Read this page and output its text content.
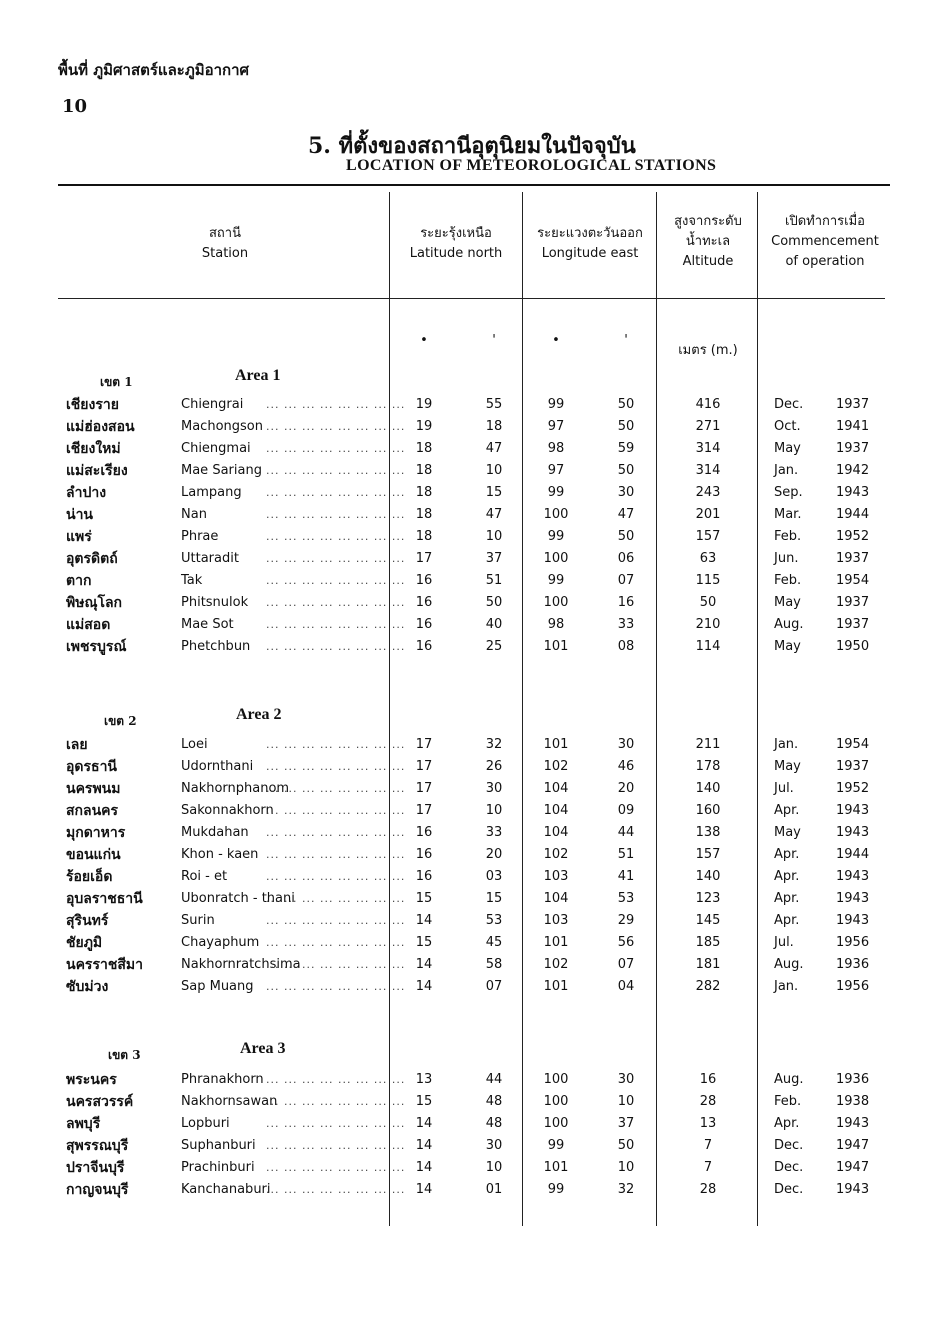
พื้นที่ ภูมิศาสตร์และภูมิอากาศ
10
5. ที่ตั้งของสถานีอุตุนิยมในปัจจุบัน
LOCATION OF METEOROLOGICAL STATIONS
สถานี
Station
ระยะรุ้งเหนือ
Latitude north
ระยะแวงตะวันออก
Longitude east
สูงจากระดับ
น้ำทะเล
Altitude
เปิดทำการเมื่อ
Commencement
of operation
•	'	•	'
เมตร (m.)
เขต 1	Area 1
เชียงราย	Chiengrai	19	55	99	50	416	Dec.	1937
... ... ... ... ... ... ... ...
แม่ฮ่องสอน	Machongson	19	18	97	50	271	Oct.	1941
... ... ... ... ... ... ... ...
เชียงใหม่	Chiengmai	18	47	98	59	314	May	1937
... ... ... ... ... ... ... ...
แม่สะเรียง	Mae Sariang	18	10	97	50	314	Jan.	1942
... ... ... ... ... ... ... ...
ลำปาง	Lampang	18	15	99	30	243	Sep.	1943
... ... ... ... ... ... ... ...
น่าน	Nan	18	47	100	47	201	Mar.	1944
... ... ... ... ... ... ... ...
แพร่	Phrae	18	10	99	50	157	Feb.	1952
... ... ... ... ... ... ... ...
อุตรดิตถ์	Uttaradit	17	37	100	06	63	Jun.	1937
... ... ... ... ... ... ... ...
ตาก	Tak	16	51	99	07	115	Feb.	1954
... ... ... ... ... ... ... ...
พิษณุโลก	Phitsnulok	16	50	100	16	50	May	1937
... ... ... ... ... ... ... ...
แม่สอด	Mae Sot	16	40	98	33	210	Aug.	1937
... ... ... ... ... ... ... ...
เพชรบูรณ์	Phetchbun	16	25	101	08	114	May	1950
... ... ... ... ... ... ... ...
เขต 2	Area 2
เลย	Loei	17	32	101	30	211	Jan.	1954
... ... ... ... ... ... ... ...
อุดรธานี	Udornthani	17	26	102	46	178	May	1937
... ... ... ... ... ... ... ...
นครพนม	Nakhornphanom	17	30	104	20	140	Jul.	1952
... ... ... ... ... ... ... ...
สกลนคร	Sakonnakhorn	17	10	104	09	160	Apr.	1943
... ... ... ... ... ... ... ...
มุกดาหาร	Mukdahan	16	33	104	44	138	May	1943
... ... ... ... ... ... ... ...
ขอนแก่น	Khon - kaen	16	20	102	51	157	Apr.	1944
... ... ... ... ... ... ... ...
ร้อยเอ็ด	Roi - et	16	03	103	41	140	Apr.	1943
... ... ... ... ... ... ... ...
อุบลราชธานี	Ubonratch - thani	15	15	104	53	123	Apr.	1943
... ... ... ... ... ... ... ...
สุรินทร์	Surin	14	53	103	29	145	Apr.	1943
... ... ... ... ... ... ... ...
ชัยภูมิ	Chayaphum	15	45	101	56	185	Jul.	1956
... ... ... ... ... ... ... ...
นครราชสีมา	Nakhornratchsima	14	58	102	07	181	Aug.	1936
... ... ... ... ... ... ... ...
ซับม่วง	Sap Muang	14	07	101	04	282	Jan.	1956
... ... ... ... ... ... ... ...
เขต 3	Area 3
พระนคร	Phranakhorn	13	44	100	30	16	Aug.	1936
... ... ... ... ... ... ... ...
นครสวรรค์	Nakhornsawan	15	48	100	10	28	Feb.	1938
... ... ... ... ... ... ... ...
ลพบุรี	Lopburi	14	48	100	37	13	Apr.	1943
... ... ... ... ... ... ... ...
สุพรรณบุรี	Suphanburi	14	30	99	50	7	Dec.	1947
... ... ... ... ... ... ... ...
ปราจีนบุรี	Prachinburi	14	10	101	10	7	Dec.	1947
... ... ... ... ... ... ... ...
กาญจนบุรี	Kanchanaburi	14	01	99	32	28	Dec.	1943
... ... ... ... ... ... ... ...
